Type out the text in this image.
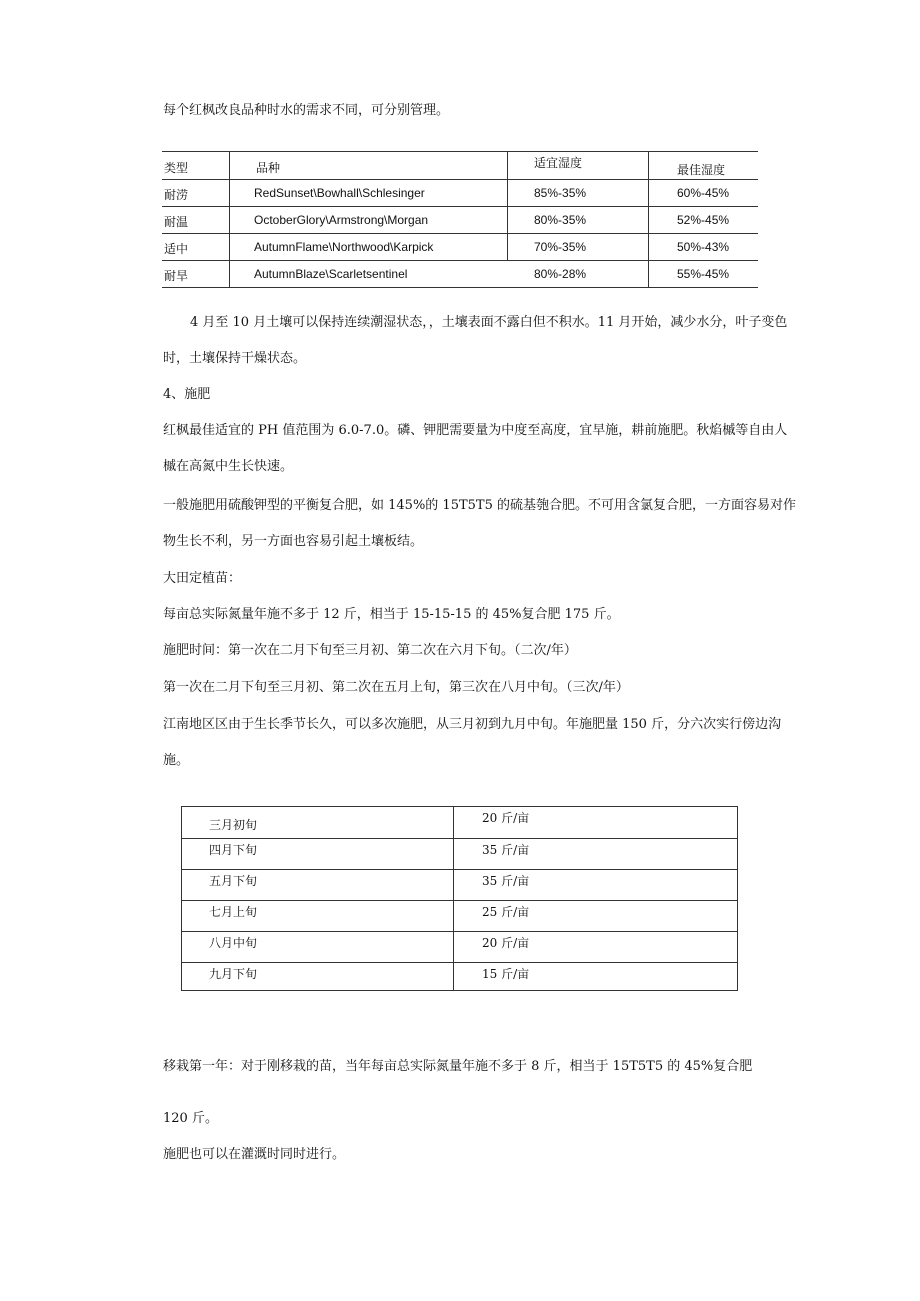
每个红枫改良品种时水的需求不同，可分别管理。
类型	品种	适宜湿度	最佳湿度
耐涝	RedSunset\Bowhall\Schlesinger	85%-35%	60%-45%
耐温	OctoberGlory\Armstrong\Morgan	80%-35%	52%-45%
适中	AutumnFlame\Northwood\Karpick	70%-35%	50%-43%
耐旱	AutumnBlaze\Scarletsentinel	80%-28%	55%-45%
4 月至 10 月土壤可以保持连续潮湿状态，，土壤表面不露白但不积水。11 月开始，减少水分，叶子变色
时，土壤保持干燥状态。
4、施肥
红枫最佳适宜的 PH 值范围为 6.0-7.0。磷、钾肥需要量为中度至高度，宜早施，耕前施肥。秋焰槭等自由人
槭在高氮中生长快速。
一般施肥用硫酸钾型的平衡复合肥，如 145%的 15T5T5 的硫基匏合肥。不可用含氯复合肥，一方面容易对作
物生长不利，另一方面也容易引起土壤板结。
大田定植苗：
每亩总实际氮量年施不多于 12 斤，相当于 15-15-15 的 45%复合肥 175 斤。
施肥时间：第一次在二月下旬至三月初、第二次在六月下旬。（二次/年）
第一次在二月下旬至三月初、第二次在五月上旬，第三次在八月中旬。（三次/年）
江南地区区由于生长季节长久，可以多次施肥，从三月初到九月中旬。年施肥量 150 斤，分六次实行傍边沟
施。
三月初旬	20 斤/亩
四月下旬	35 斤/亩
五月下旬	35 斤/亩
七月上旬	25 斤/亩
八月中旬	20 斤/亩
九月下旬	15 斤/亩
移栽第一年：对于刚移栽的苗，当年每亩总实际氮量年施不多于 8 斤，相当于 15T5T5 的 45%复合肥
120 斤。
施肥也可以在灌溉时同时进行。
